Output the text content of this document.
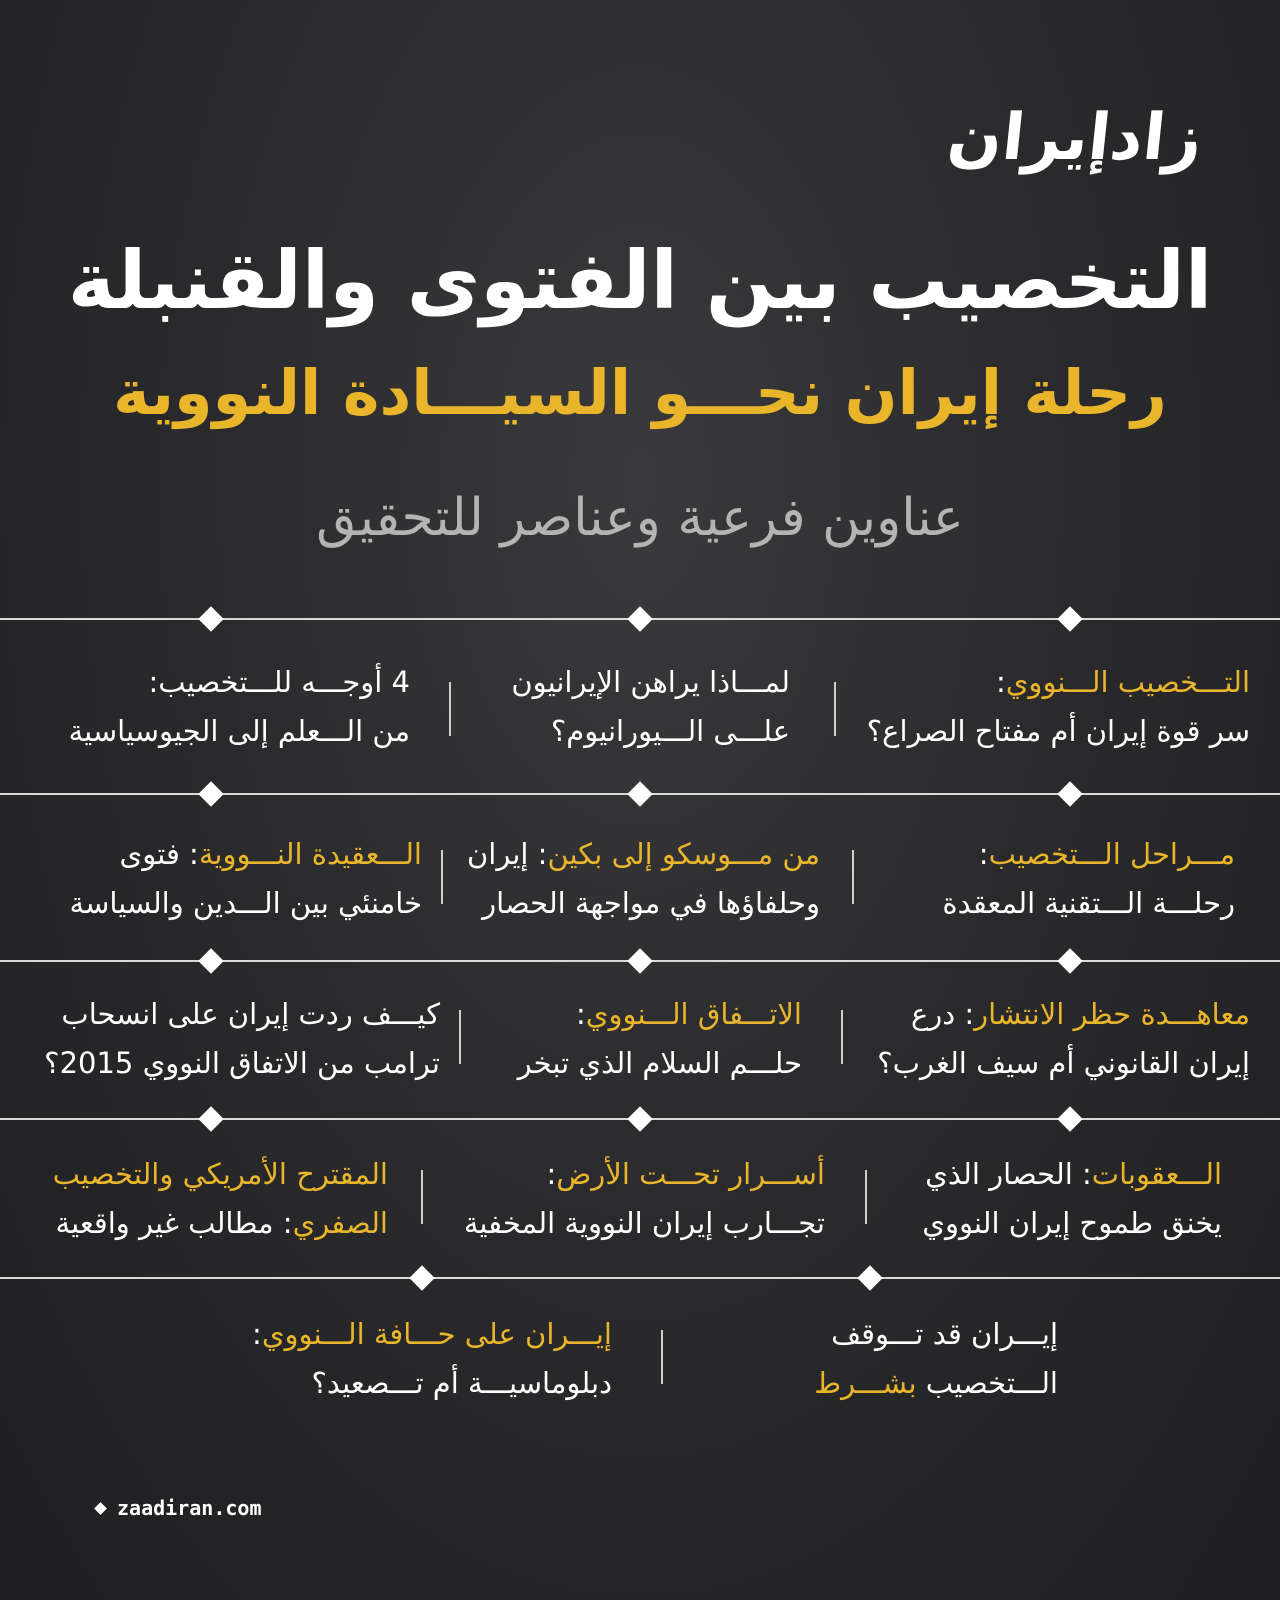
زادإيران
التخصيب بين الفتوى والقنبلة
رحلة إيران نحـــو السيـــادة النووية
عناوين فرعية وعناصر للتحقيق
التـــخصيب الـــنووي:
سر قوة إيران أم مفتاح الصراع؟
لمـــاذا يراهن الإيرانيون
علـــى الـــيورانيوم؟
4 أوجـــه للـــتخصيب:
من الـــعلم إلى الجيوسياسية
مـــراحل الـــتخصيب:
رحلـــة الـــتقنية المعقدة
من مـــوسكو إلى بكين: إيران
وحلفاؤها في مواجهة الحصار
الـــعقيدة النـــووية: فتوى
خامنئي بين الـــدين والسياسة
معاهـــدة حظر الانتشار: درع
إيران القانوني أم سيف الغرب؟
الاتـــفاق الـــنووي:
حلـــم السلام الذي تبخر
كيـــف ردت إيران على انسحاب
ترامب من الاتفاق النووي 2015؟
الـــعقوبات: الحصار الذي
يخنق طموح إيران النووي
أســـرار تحـــت الأرض:
تجـــارب إيران النووية المخفية
المقترح الأمريكي والتخصيب
الصفري: مطالب غير واقعية
إيـــران قد تـــوقف
الـــتخصيب بشـــرط
إيـــران على حـــافة الـــنووي:
دبلوماسيـــة أم تـــصعيد؟
zaadiran.com
